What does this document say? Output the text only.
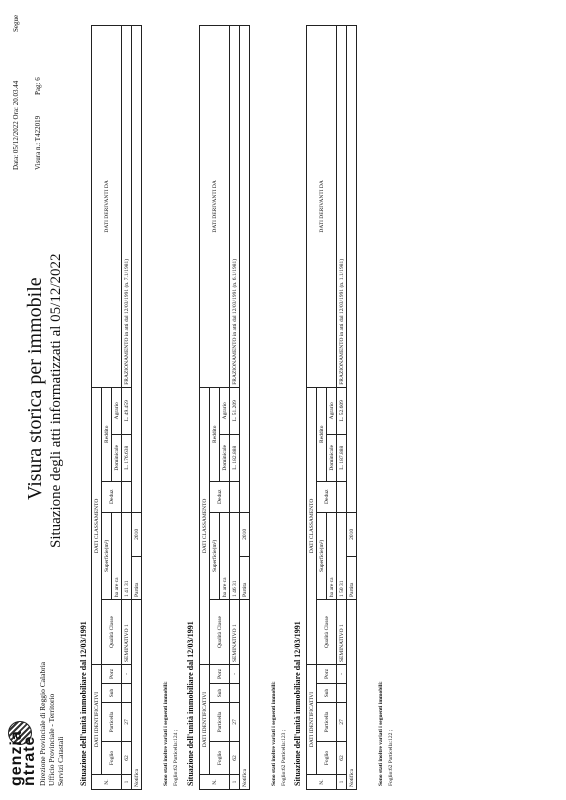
genzia
ntrate Direzione Provinciale di Reggio Calabria Ufficio Provinciale - Territorio Servizi Catastali
Visura storica per immobile Situazione degli atti informatizzati al 05/12/2022
Data: 05/12/2022 Ora: 20.03.44 Visura n.: T422019
Pag: 6
Segue
Situazione dell'unità immobiliare dal 12/03/1991	N.	DATI IDENTIFICATIVI				DATI CLASSAMENTO						DATI DERIVANTI DA
	Foglio	Particella	Sub	Porz	Qualità Classe	Superficie(m²)		Deduz	Reddito		
						ha are ca			Dominicale	Agrario	
1	62	27		-	SEMINATIVO 1	1 41 31			L. 176.638	L. 49.459	FRAZIONAMENTO in atti dal 12/03/1991 (n. 7.1/1981)
Notifica						Partita	2010				
Sono stati inoltre variati i seguenti immobili: Foglio:62 Particella:124 ; Situazione dell'unità immobiliare dal 12/03/1991	N.	DATI IDENTIFICATIVI				DATI CLASSAMENTO						DATI DERIVANTI DA
	Foglio	Particella	Sub	Porz	Qualità Classe	Superficie(m²)		Deduz	Reddito		
						ha are ca			Dominicale	Agrario	
1	62	27		-	SEMINATIVO 1	1 46 31			L. 182.888	L. 51.209	FRAZIONAMENTO in atti dal 12/03/1991 (n. 6.1/1981)
Notifica						Partita	2010				
Sono stati inoltre variati i seguenti immobili: Foglio:62 Particella:123 ; Situazione dell'unità immobiliare dal 12/03/1991	N.	DATI IDENTIFICATIVI				DATI CLASSAMENTO						DATI DERIVANTI DA
	Foglio	Particella	Sub	Porz	Qualità Classe	Superficie(m²)		Deduz	Reddito		
						ha are ca			Dominicale	Agrario	
1	62	27		-	SEMINATIVO 1	1 50 31			L. 187.888	L. 52.609	FRAZIONAMENTO in atti dal 12/03/1991 (n. 1.1/1981)
Notifica						Partita	2010				
Sono stati inoltre variati i seguenti immobili: Foglio:62 Particella:122 ;
